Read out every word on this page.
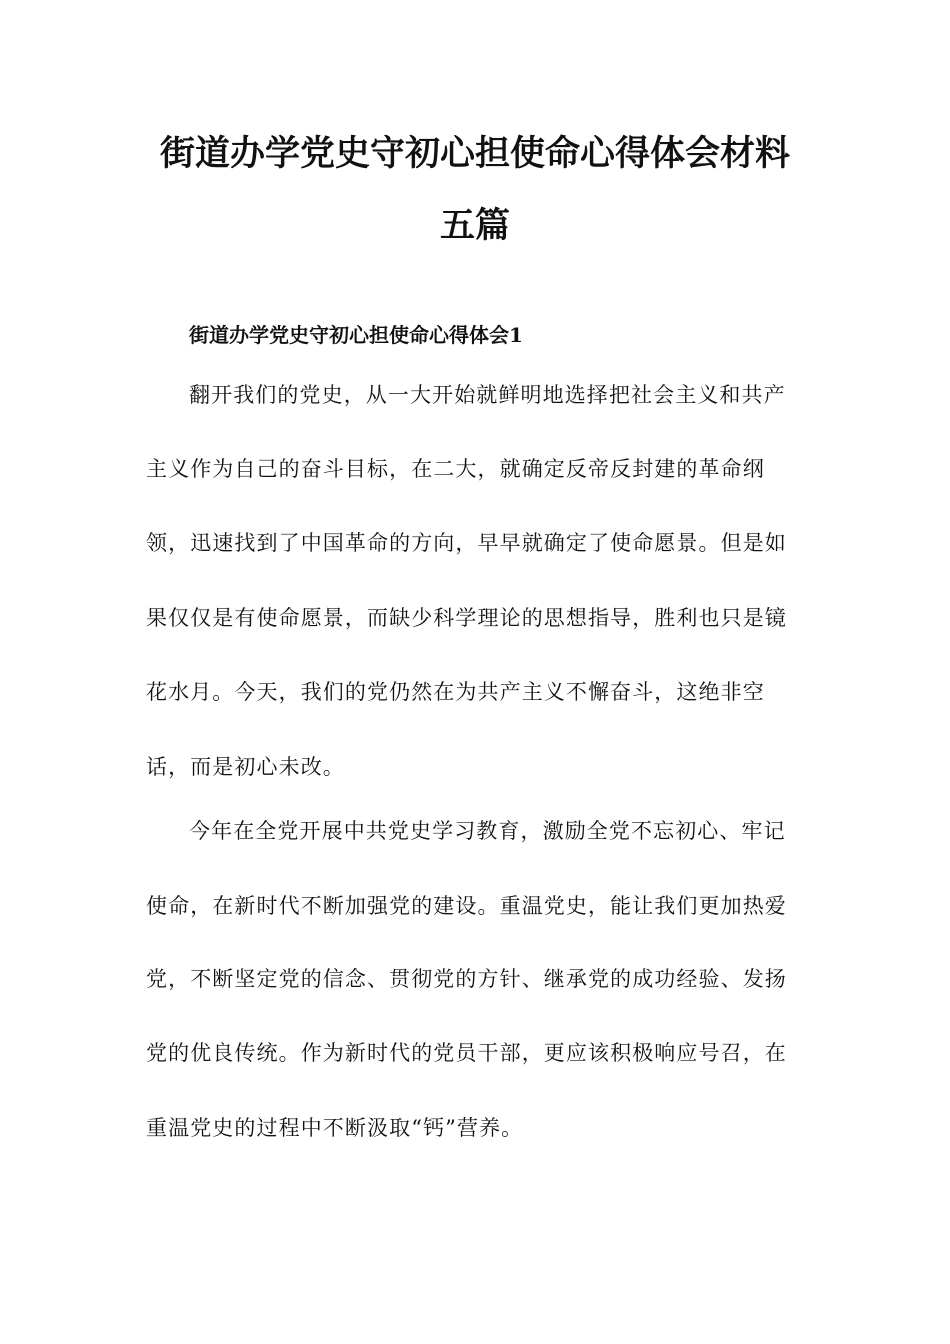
街道办学党史守初心担使命心得体会材料
五篇
街道办学党史守初心担使命心得体会1
翻开我们的党史，从一大开始就鲜明地选择把社会主义和共产
主义作为自己的奋斗目标，在二大，就确定反帝反封建的革命纲
领，迅速找到了中国革命的方向，早早就确定了使命愿景。但是如
果仅仅是有使命愿景，而缺少科学理论的思想指导，胜利也只是镜
花水月。今天，我们的党仍然在为共产主义不懈奋斗，这绝非空
话，而是初心未改。
今年在全党开展中共党史学习教育，激励全党不忘初心、牢记
使命，在新时代不断加强党的建设。重温党史，能让我们更加热爱
党，不断坚定党的信念、贯彻党的方针、继承党的成功经验、发扬
党的优良传统。作为新时代的党员干部，更应该积极响应号召，在
重温党史的过程中不断汲取“钙”营养。
